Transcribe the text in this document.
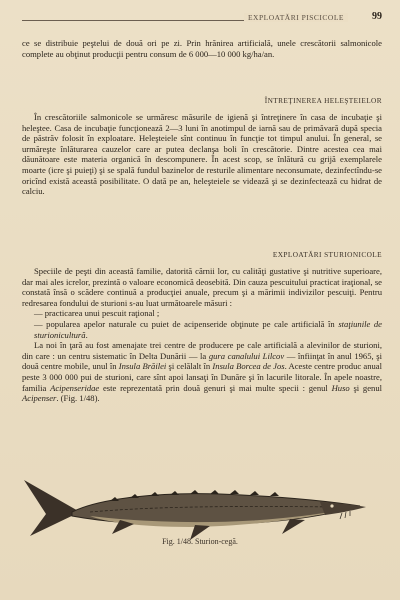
EXPLOATĂRI PISCICOLE	99

ce se distribuie peştelui de două ori pe zi. Prin hrănirea artificială, unele crescătorii salmonicole complete au obţinut producţii pentru consum de 6 000—10 000 kg/ha/an.

ÎNTREŢINEREA HELEŞTEIELOR

În crescătoriile salmonicole se urmăresc măsurile de igienă şi întreţinere în casa de incubaţie şi heleştee. Casa de incubaţie funcţionează 2—3 luni în anotimpul de iarnă sau de primăvară după specia de păstrăv folosit în exploatare. Heleşteiele sînt continuu în funcţie tot timpul anului. În general, se urmăreşte înlăturarea cauzelor care ar putea declanşa boli în crescătorie. Dintre acestea cea mai dăunătoare este materia organică în descompunere. În acest scop, se înlătură cu grijă exemplarele moarte (icre şi puieţi) şi se spală fundul bazinelor de resturile alimentare neconsumate, dezinfectîndu-se oricînd există această posibilitate. O dată pe an, heleşteiele se videază şi se dezinfectează cu hidrat de calciu.

EXPLOATĂRI STURIONICOLE

Speciile de peşti din această familie, datorită cărnii lor, cu calităţi gustative şi nutritive superioare, dar mai ales icrelor, prezintă o valoare economică deosebită. Din cauza pescuitului practicat iraţional, se constată însă o scădere continuă a producţiei anuale, precum şi a mărimii indivizilor pescuiţi. Pentru redresarea fondului de sturioni s-au luat următoarele măsuri :

— practicarea unui pescuit raţional ;

— popularea apelor naturale cu puiet de acipenseride obţinute pe cale artificială în staţiunile de sturionicultură.

La noi în ţară au fost amenajate trei centre de producere pe cale artificială a alevinilor de sturioni, din care : un centru sistematic în Delta Dunării — la gura canalului Lilcov — înfiinţat în anul 1965, şi două centre mobile, unul în Insula Brăilei şi celălalt în Insula Borcea de Jos. Aceste centre produc anual peste 3 000 000 pui de sturioni, care sînt apoi lansaţi în Dunăre şi în lacurile litorale. În apele noastre, familia Acipenseridae este reprezentată prin două genuri şi mai multe specii : genul Huso şi genul Acipenser. (Fig. 1/48).

Fig. 1/48. Sturion-cegă.
